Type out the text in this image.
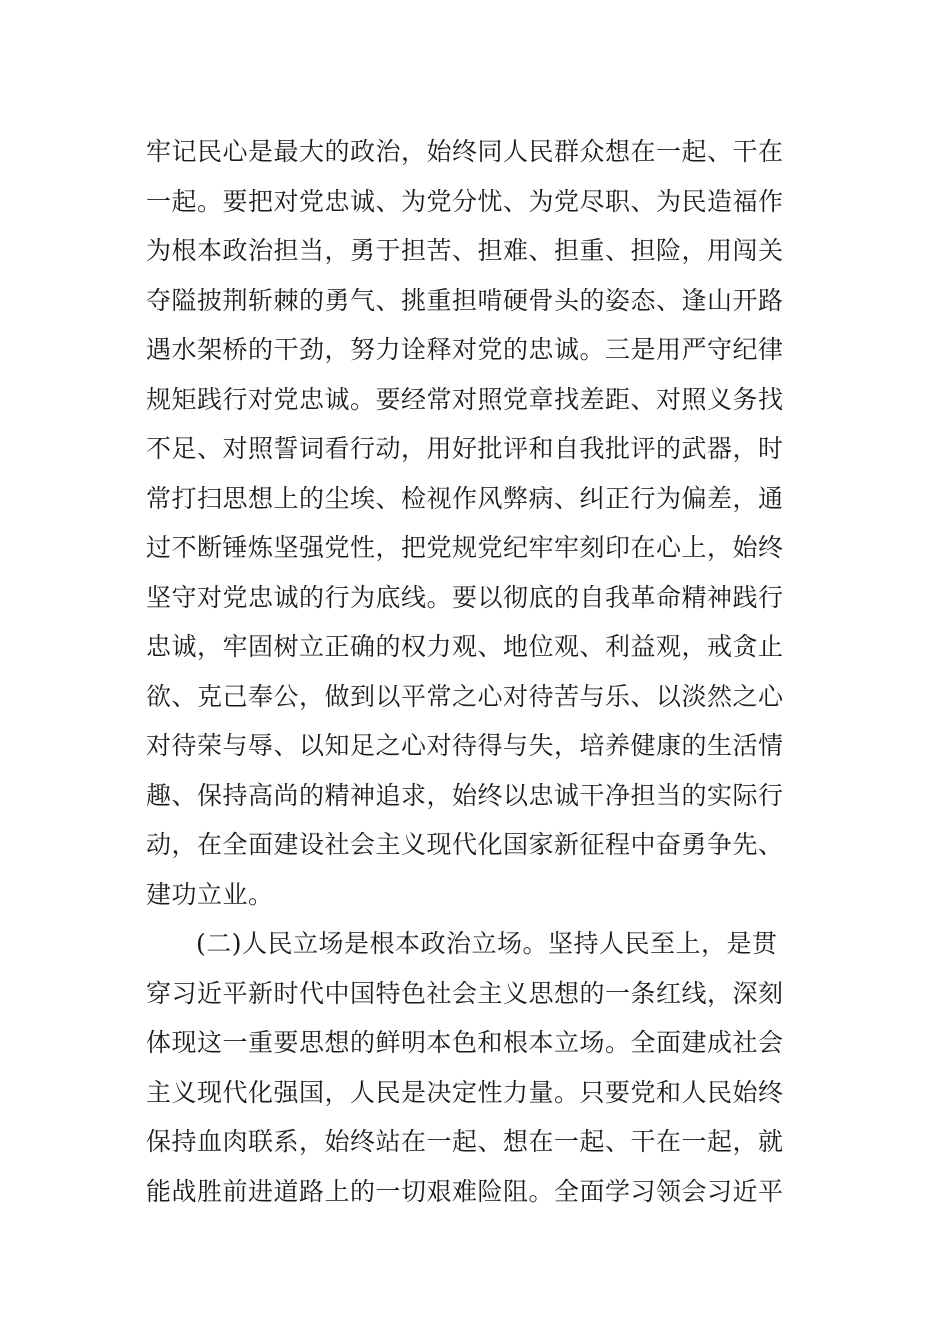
牢记民心是最大的政治，始终同人民群众想在一起、干在
一起。要把对党忠诚、为党分忧、为党尽职、为民造福作
为根本政治担当，勇于担苦、担难、担重、担险，用闯关
夺隘披荆斩棘的勇气、挑重担啃硬骨头的姿态、逢山开路
遇水架桥的干劲，努力诠释对党的忠诚。三是用严守纪律
规矩践行对党忠诚。要经常对照党章找差距、对照义务找
不足、对照誓词看行动，用好批评和自我批评的武器，时
常打扫思想上的尘埃、检视作风弊病、纠正行为偏差，通
过不断锤炼坚强党性，把党规党纪牢牢刻印在心上，始终
坚守对党忠诚的行为底线。要以彻底的自我革命精神践行
忠诚，牢固树立正确的权力观、地位观、利益观，戒贪止
欲、克己奉公，做到以平常之心对待苦与乐、以淡然之心
对待荣与辱、以知足之心对待得与失，培养健康的生活情
趣、保持高尚的精神追求，始终以忠诚干净担当的实际行
动，在全面建设社会主义现代化国家新征程中奋勇争先、
建功立业。
(二)人民立场是根本政治立场。坚持人民至上，是贯
穿习近平新时代中国特色社会主义思想的一条红线，深刻
体现这一重要思想的鲜明本色和根本立场。全面建成社会
主义现代化强国，人民是决定性力量。只要党和人民始终
保持血肉联系，始终站在一起、想在一起、干在一起，就
能战胜前进道路上的一切艰难险阻。全面学习领会习近平
